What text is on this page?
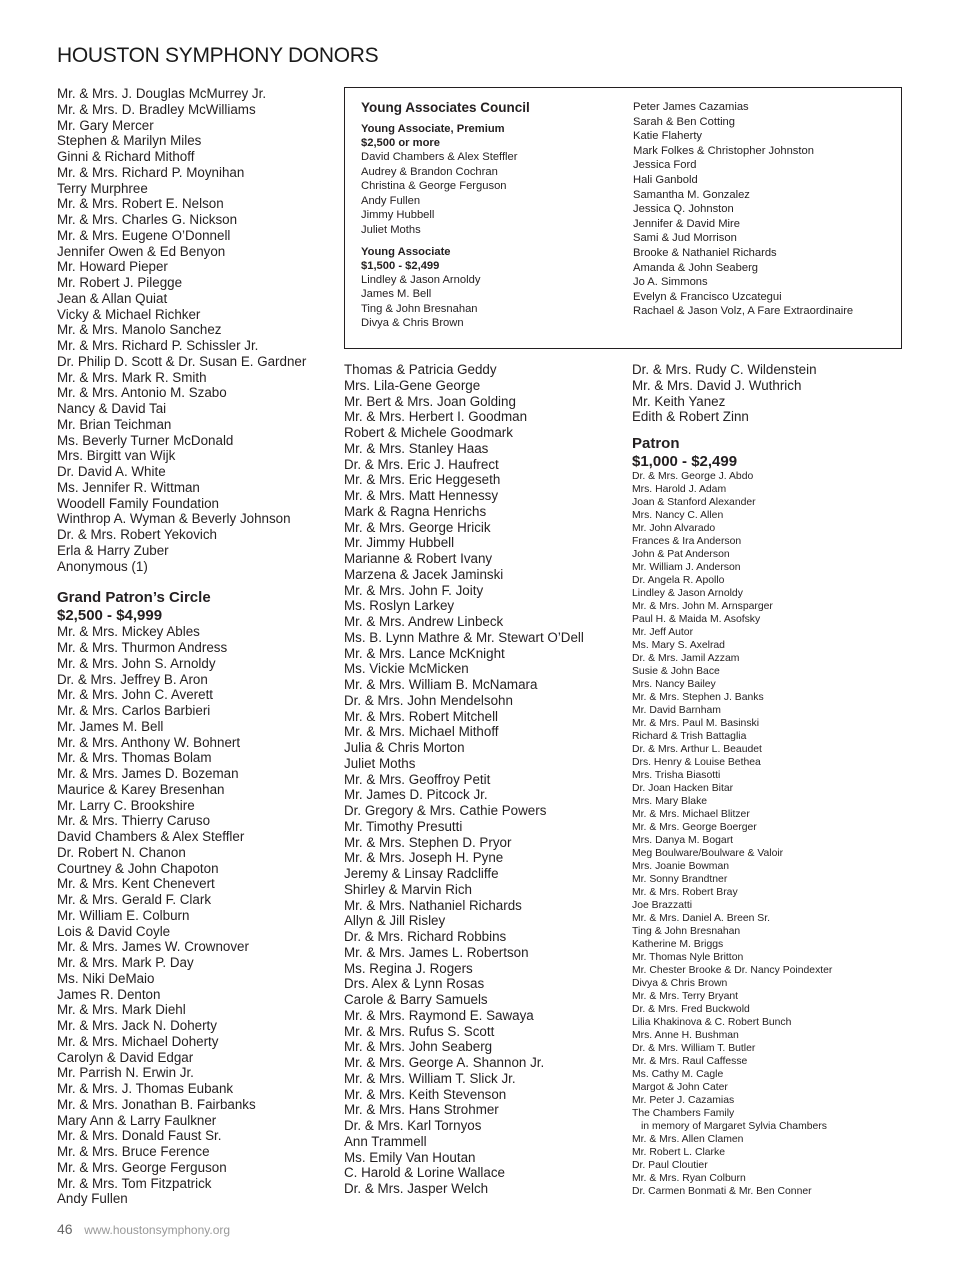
HOUSTON SYMPHONY DONORS
Mr. & Mrs. J. Douglas McMurrey Jr.
Mr. & Mrs. D. Bradley McWilliams
Mr. Gary Mercer
Stephen & Marilyn Miles
Ginni & Richard Mithoff
Mr. & Mrs. Richard P. Moynihan
Terry Murphree
Mr. & Mrs. Robert E. Nelson
Mr. & Mrs. Charles G. Nickson
Mr. & Mrs. Eugene O’Donnell
Jennifer Owen & Ed Benyon
Mr. Howard Pieper
Mr. Robert J. Pilegge
Jean & Allan Quiat
Vicky & Michael Richker
Mr. & Mrs. Manolo Sanchez
Mr. & Mrs. Richard P. Schissler Jr.
Dr. Philip D. Scott & Dr. Susan E. Gardner
Mr. & Mrs. Mark R. Smith
Mr. & Mrs. Antonio M. Szabo
Nancy & David Tai
Mr. Brian Teichman
Ms. Beverly Turner McDonald
Mrs. Birgitt van Wijk
Dr. David A. White
Ms. Jennifer R. Wittman
Woodell Family Foundation
Winthrop A. Wyman & Beverly Johnson
Dr. & Mrs. Robert Yekovich
Erla & Harry Zuber
Anonymous (1)
Grand Patron’s Circle
$2,500 - $4,999
Mr. & Mrs. Mickey Ables
Mr. & Mrs. Thurmon Andress
Mr. & Mrs. John S. Arnoldy
Dr. & Mrs. Jeffrey B. Aron
Mr. & Mrs. John C. Averett
Mr. & Mrs. Carlos Barbieri
Mr. James M. Bell
Mr. & Mrs. Anthony W. Bohnert
Mr. & Mrs. Thomas Bolam
Mr. & Mrs. James D. Bozeman
Maurice & Karey Bresenhan
Mr. Larry C. Brookshire
Mr. & Mrs. Thierry Caruso
David Chambers & Alex Steffler
Dr. Robert N. Chanon
Courtney & John Chapoton
Mr. & Mrs. Kent Chenevert
Mr. & Mrs. Gerald F. Clark
Mr. William E. Colburn
Lois & David Coyle
Mr. & Mrs. James W. Crownover
Mr. & Mrs. Mark P. Day
Ms. Niki DeMaio
James R. Denton
Mr. & Mrs. Mark Diehl
Mr. & Mrs. Jack N. Doherty
Mr. & Mrs. Michael Doherty
Carolyn & David Edgar
Mr. Parrish N. Erwin Jr.
Mr. & Mrs. J. Thomas Eubank
Mr. & Mrs. Jonathan B. Fairbanks
Mary Ann & Larry Faulkner
Mr. & Mrs. Donald Faust Sr.
Mr. & Mrs. Bruce Ference
Mr. & Mrs. George Ferguson
Mr. & Mrs. Tom Fitzpatrick
Andy Fullen
Young Associates Council
Young Associate, Premium
$2,500 or more
David Chambers & Alex Steffler
Audrey & Brandon Cochran
Christina & George Ferguson
Andy Fullen
Jimmy Hubbell
Juliet Moths
Young Associate
$1,500 - $2,499
Lindley & Jason Arnoldy
James M. Bell
Ting & John Bresnahan
Divya & Chris Brown
Peter James Cazamias
Sarah & Ben Cotting
Katie Flaherty
Mark Folkes & Christopher Johnston
Jessica Ford
Hali Ganbold
Samantha M. Gonzalez
Jessica Q. Johnston
Jennifer & David Mire
Sami & Jud Morrison
Brooke & Nathaniel Richards
Amanda & John Seaberg
Jo A. Simmons
Evelyn & Francisco Uzcategui
Rachael & Jason Volz, A Fare Extraordinaire
Thomas & Patricia Geddy
Mrs. Lila-Gene George
Mr. Bert & Mrs. Joan Golding
Mr. & Mrs. Herbert I. Goodman
Robert & Michele Goodmark
Mr. & Mrs. Stanley Haas
Dr. & Mrs. Eric J. Haufrect
Mr. & Mrs. Eric Heggeseth
Mr. & Mrs. Matt Hennessy
Mark & Ragna Henrichs
Mr. & Mrs. George Hricik
Mr. Jimmy Hubbell
Marianne & Robert Ivany
Marzena & Jacek Jaminski
Mr. & Mrs. John F. Joity
Ms. Roslyn Larkey
Mr. & Mrs. Andrew Linbeck
Ms. B. Lynn Mathre & Mr. Stewart O’Dell
Mr. & Mrs. Lance McKnight
Ms. Vickie McMicken
Mr. & Mrs. William B. McNamara
Dr. & Mrs. John Mendelsohn
Mr. & Mrs. Robert Mitchell
Mr. & Mrs. Michael Mithoff
Julia & Chris Morton
Juliet Moths
Mr. & Mrs. Geoffroy Petit
Mr. James D. Pitcock Jr.
Dr. Gregory & Mrs. Cathie Powers
Mr. Timothy Presutti
Mr. & Mrs. Stephen D. Pryor
Mr. & Mrs. Joseph H. Pyne
Jeremy & Linsay Radcliffe
Shirley & Marvin Rich
Mr. & Mrs. Nathaniel Richards
Allyn & Jill Risley
Dr. & Mrs. Richard Robbins
Mr. & Mrs. James L. Robertson
Ms. Regina J. Rogers
Drs. Alex & Lynn Rosas
Carole & Barry Samuels
Mr. & Mrs. Raymond E. Sawaya
Mr. & Mrs. Rufus S. Scott
Mr. & Mrs. John Seaberg
Mr. & Mrs. George A. Shannon Jr.
Mr. & Mrs. William T. Slick Jr.
Mr. & Mrs. Keith Stevenson
Mr. & Mrs. Hans Strohmer
Dr. & Mrs. Karl Tornyos
Ann Trammell
Ms. Emily Van Houtan
C. Harold & Lorine Wallace
Dr. & Mrs. Jasper Welch
Dr. & Mrs. Rudy C. Wildenstein
Mr. & Mrs. David J. Wuthrich
Mr. Keith Yanez
Edith & Robert Zinn
Patron
$1,000 - $2,499
Dr. & Mrs. George J. Abdo
Mrs. Harold J. Adam
Joan & Stanford Alexander
Mrs. Nancy C. Allen
Mr. John Alvarado
Frances & Ira Anderson
John & Pat Anderson
Mr. William J. Anderson
Dr. Angela R. Apollo
Lindley & Jason Arnoldy
Mr. & Mrs. John M. Arnsparger
Paul H. & Maida M. Asofsky
Mr. Jeff Autor
Ms. Mary S. Axelrad
Dr. & Mrs. Jamil Azzam
Susie & John Bace
Mrs. Nancy Bailey
Mr. & Mrs. Stephen J. Banks
Mr. David Barnham
Mr. & Mrs. Paul M. Basinski
Richard & Trish Battaglia
Dr. & Mrs. Arthur L. Beaudet
Drs. Henry & Louise Bethea
Mrs. Trisha Biasotti
Dr. Joan Hacken Bitar
Mrs. Mary Blake
Mr. & Mrs. Michael Blitzer
Mr. & Mrs. George Boerger
Mrs. Danya M. Bogart
Meg Boulware/Boulware & Valoir
Mrs. Joanie Bowman
Mr. Sonny Brandtner
Mr. & Mrs. Robert Bray
Joe Brazzatti
Mr. & Mrs. Daniel A. Breen Sr.
Ting & John Bresnahan
Katherine M. Briggs
Mr. Thomas Nyle Britton
Mr. Chester Brooke & Dr. Nancy Poindexter
Divya & Chris Brown
Mr. & Mrs. Terry Bryant
Dr. & Mrs. Fred Buckwold
Lilia Khakinova & C. Robert Bunch
Mrs. Anne H. Bushman
Dr. & Mrs. William T. Butler
Mr. & Mrs. Raul Caffesse
Ms. Cathy M. Cagle
Margot & John Cater
Mr. Peter J. Cazamias
The Chambers Family
in memory of Margaret Sylvia Chambers
Mr. & Mrs. Allen Clamen
Mr. Robert L. Clarke
Dr. Paul Cloutier
Mr. & Mrs. Ryan Colburn
Dr. Carmen Bonmati & Mr. Ben Conner
46 www.houstonsymphony.org
